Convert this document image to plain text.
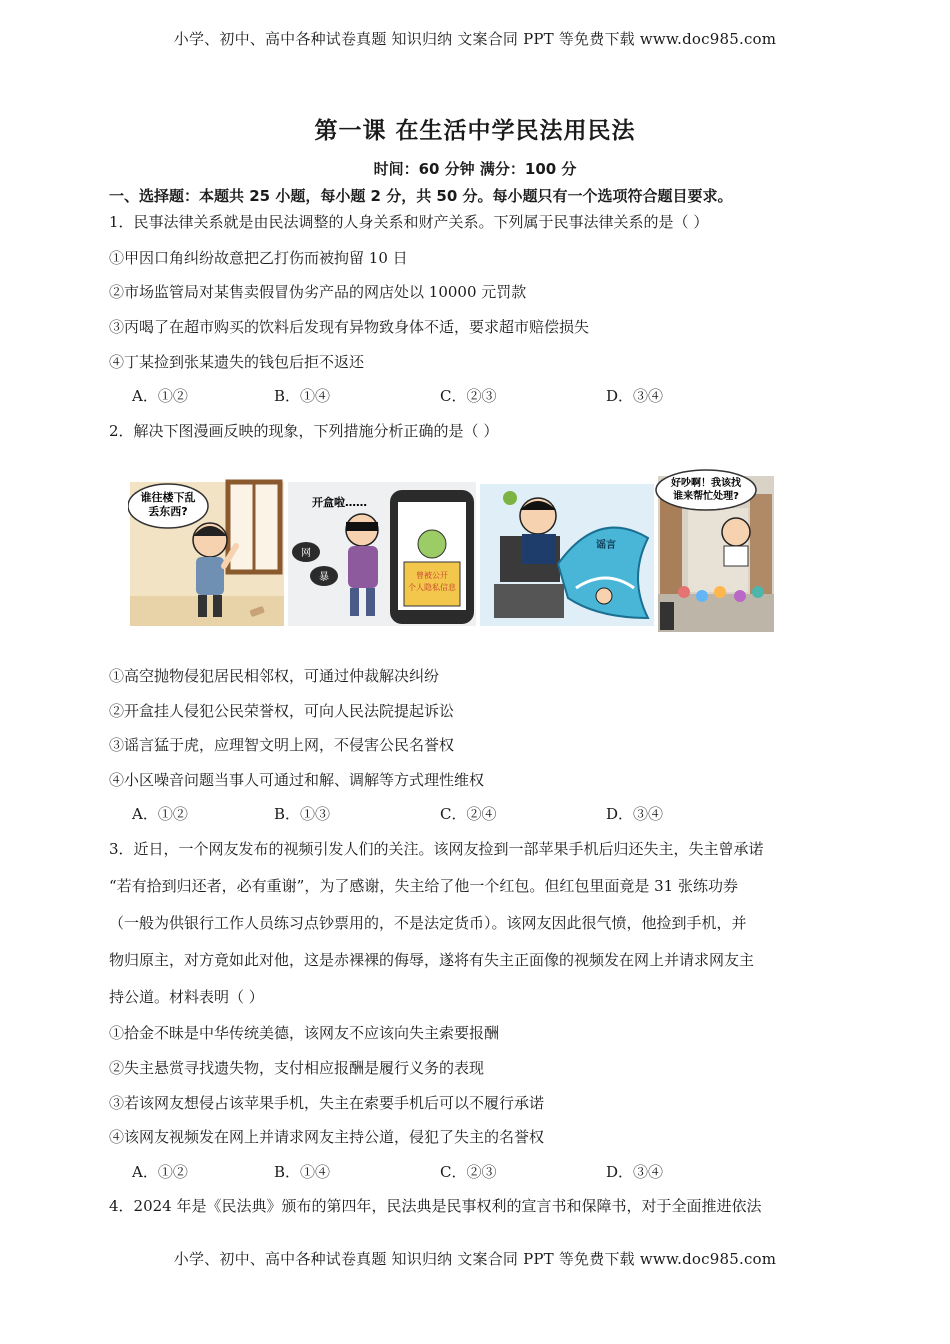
小学、初中、高中各种试卷真题 知识归纳 文案合同 PPT 等免费下载 www.doc985.com
第一课 在生活中学民法用民法
时间：60 分钟 满分：100 分
一、选择题：本题共 25 小题，每小题 2 分，共 50 分。每小题只有一个选项符合题目要求。
1．民事法律关系就是由民法调整的人身关系和财产关系。下列属于民事法律关系的是（ ）
①甲因口角纠纷故意把乙打伤而被拘留 10 日
②市场监管局对某售卖假冒伪劣产品的网店处以 10000 元罚款
③丙喝了在超市购买的饮料后发现有异物致身体不适，要求超市赔偿损失
④丁某捡到张某遗失的钱包后拒不返还
A．①②	B．①④	C．②③	D．③④
2．解决下图漫画反映的现象，下列措施分析正确的是（ ）
谁往楼下乱
丢东西?
曾被公开
个人隐私信息
开盒啦……
网
暴
谣言
好吵啊！我该找
谁来帮忙处理?
①高空抛物侵犯居民相邻权，可通过仲裁解决纠纷
②开盒挂人侵犯公民荣誉权，可向人民法院提起诉讼
③谣言猛于虎，应理智文明上网，不侵害公民名誉权
④小区噪音问题当事人可通过和解、调解等方式理性维权
A．①②	B．①③	C．②④	D．③④
3．近日，一个网友发布的视频引发人们的关注。该网友捡到一部苹果手机后归还失主，失主曾承诺
“若有拾到归还者，必有重谢”，为了感谢，失主给了他一个红包。但红包里面竟是 31 张练功券
（一般为供银行工作人员练习点钞票用的，不是法定货币）。该网友因此很气愤，他捡到手机，并
物归原主，对方竟如此对他，这是赤裸裸的侮辱，遂将有失主正面像的视频发在网上并请求网友主
持公道。材料表明（ ）
①拾金不昧是中华传统美德，该网友不应该向失主索要报酬
②失主悬赏寻找遗失物，支付相应报酬是履行义务的表现
③若该网友想侵占该苹果手机，失主在索要手机后可以不履行承诺
④该网友视频发在网上并请求网友主持公道，侵犯了失主的名誉权
A．①②	B．①④	C．②③	D．③④
4．2024 年是《民法典》颁布的第四年，民法典是民事权利的宣言书和保障书，对于全面推进依法
小学、初中、高中各种试卷真题 知识归纳 文案合同 PPT 等免费下载 www.doc985.com
